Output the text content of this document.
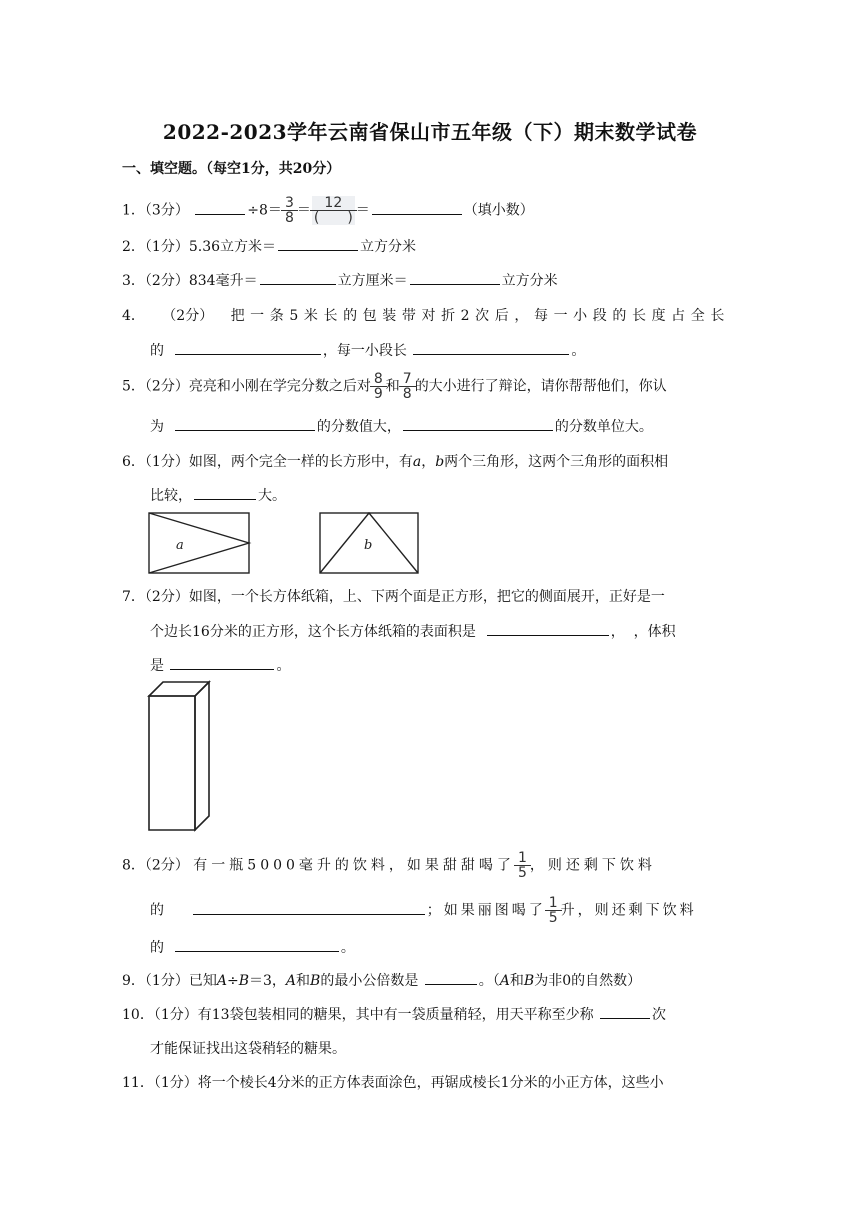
2022-2023学年云南省保山市五年级（下）期末数学试卷
一、填空题。（每空1分，共20分）
1．（3分）	$\div 8= \frac{3}{8} = \frac{12}{( )}$ ＝	（填小数）
2．（1分）5.36立方米＝	立方分米
3．（2分）834毫升＝	立方厘米＝	立方分米
4． （2分） 把一条5米长的包装带对折2次后，每一小段的长度占全长
的	，每一小段长	。
5．（2分）亮亮和小刚在学完分数之后对 $\frac{8}{9}$ 和 $\frac{7}{8}$ 的大小进行了辩论，请你帮帮他们，你认
为	的分数值大，	的分数单位大。
6．（1分）如图，两个完全一样的长方形中，有a，b两个三角形，这两个三角形的面积相
比较，	大。
a	b
7．（2分）如图，一个长方体纸箱，上、下两个面是正方形，把它的侧面展开，正好是一
个边长16分米的正方形，这个长方体纸箱的表面积是	，  ，体积
是	。
8．（2分） 有一瓶5000毫升的饮料，如果甜甜喝了 $\frac{1}{5}$ ，则还剩下饮料
的	；如果丽图喝了 $\frac{1}{5}$ 升，则还剩下饮料
的	。
9．（1分）已知A÷B＝3，A和B的最小公倍数是	。（A和B为非0的自然数）
10．（1分）有13袋包装相同的糖果，其中有一袋质量稍轻，用天平称至少称	次
才能保证找出这袋稍轻的糖果。
11．（1分）将一个棱长4分米的正方体表面涂色，再锯成棱长1分米的小正方体，这些小
